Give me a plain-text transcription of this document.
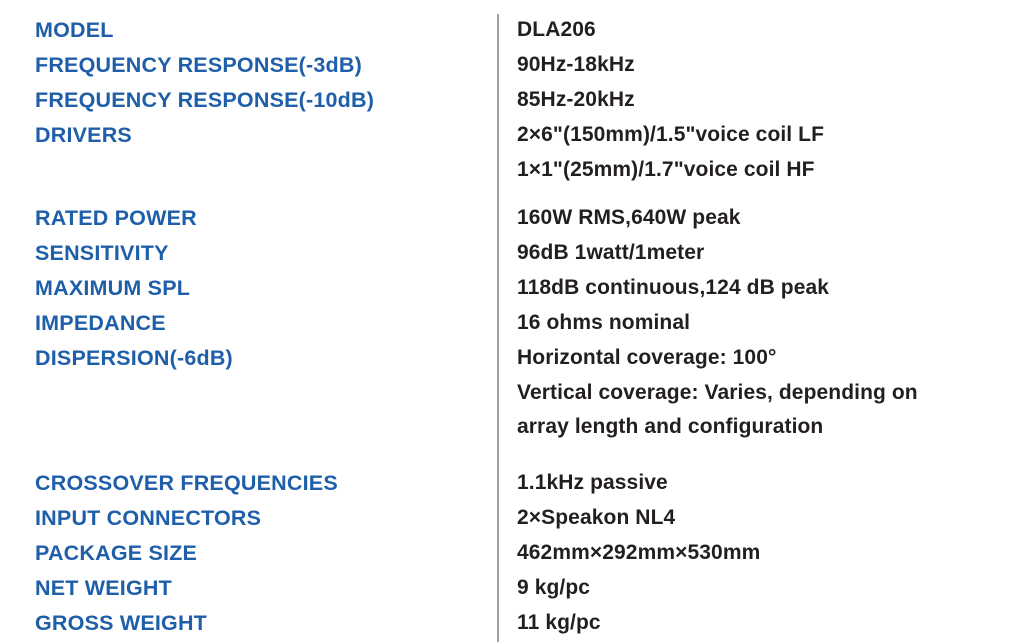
MODEL	DLA206
FREQUENCY RESPONSE(-3dB)	90Hz-18kHz
FREQUENCY RESPONSE(-10dB)	85Hz-20kHz
DRIVERS	2×6"(150mm)/1.5"voice coil LF
	1×1"(25mm)/1.7"voice coil HF

RATED POWER	160W RMS,640W peak
SENSITIVITY	96dB 1watt/1meter
MAXIMUM SPL	118dB continuous,124 dB peak
IMPEDANCE	16 ohms nominal
DISPERSION(-6dB)	Horizontal coverage: 100°
	Vertical coverage: Varies, depending on
	array length and configuration

CROSSOVER FREQUENCIES	1.1kHz passive
INPUT CONNECTORS	2×Speakon NL4
PACKAGE SIZE	462mm×292mm×530mm
NET WEIGHT	9 kg/pc
GROSS WEIGHT	11 kg/pc
